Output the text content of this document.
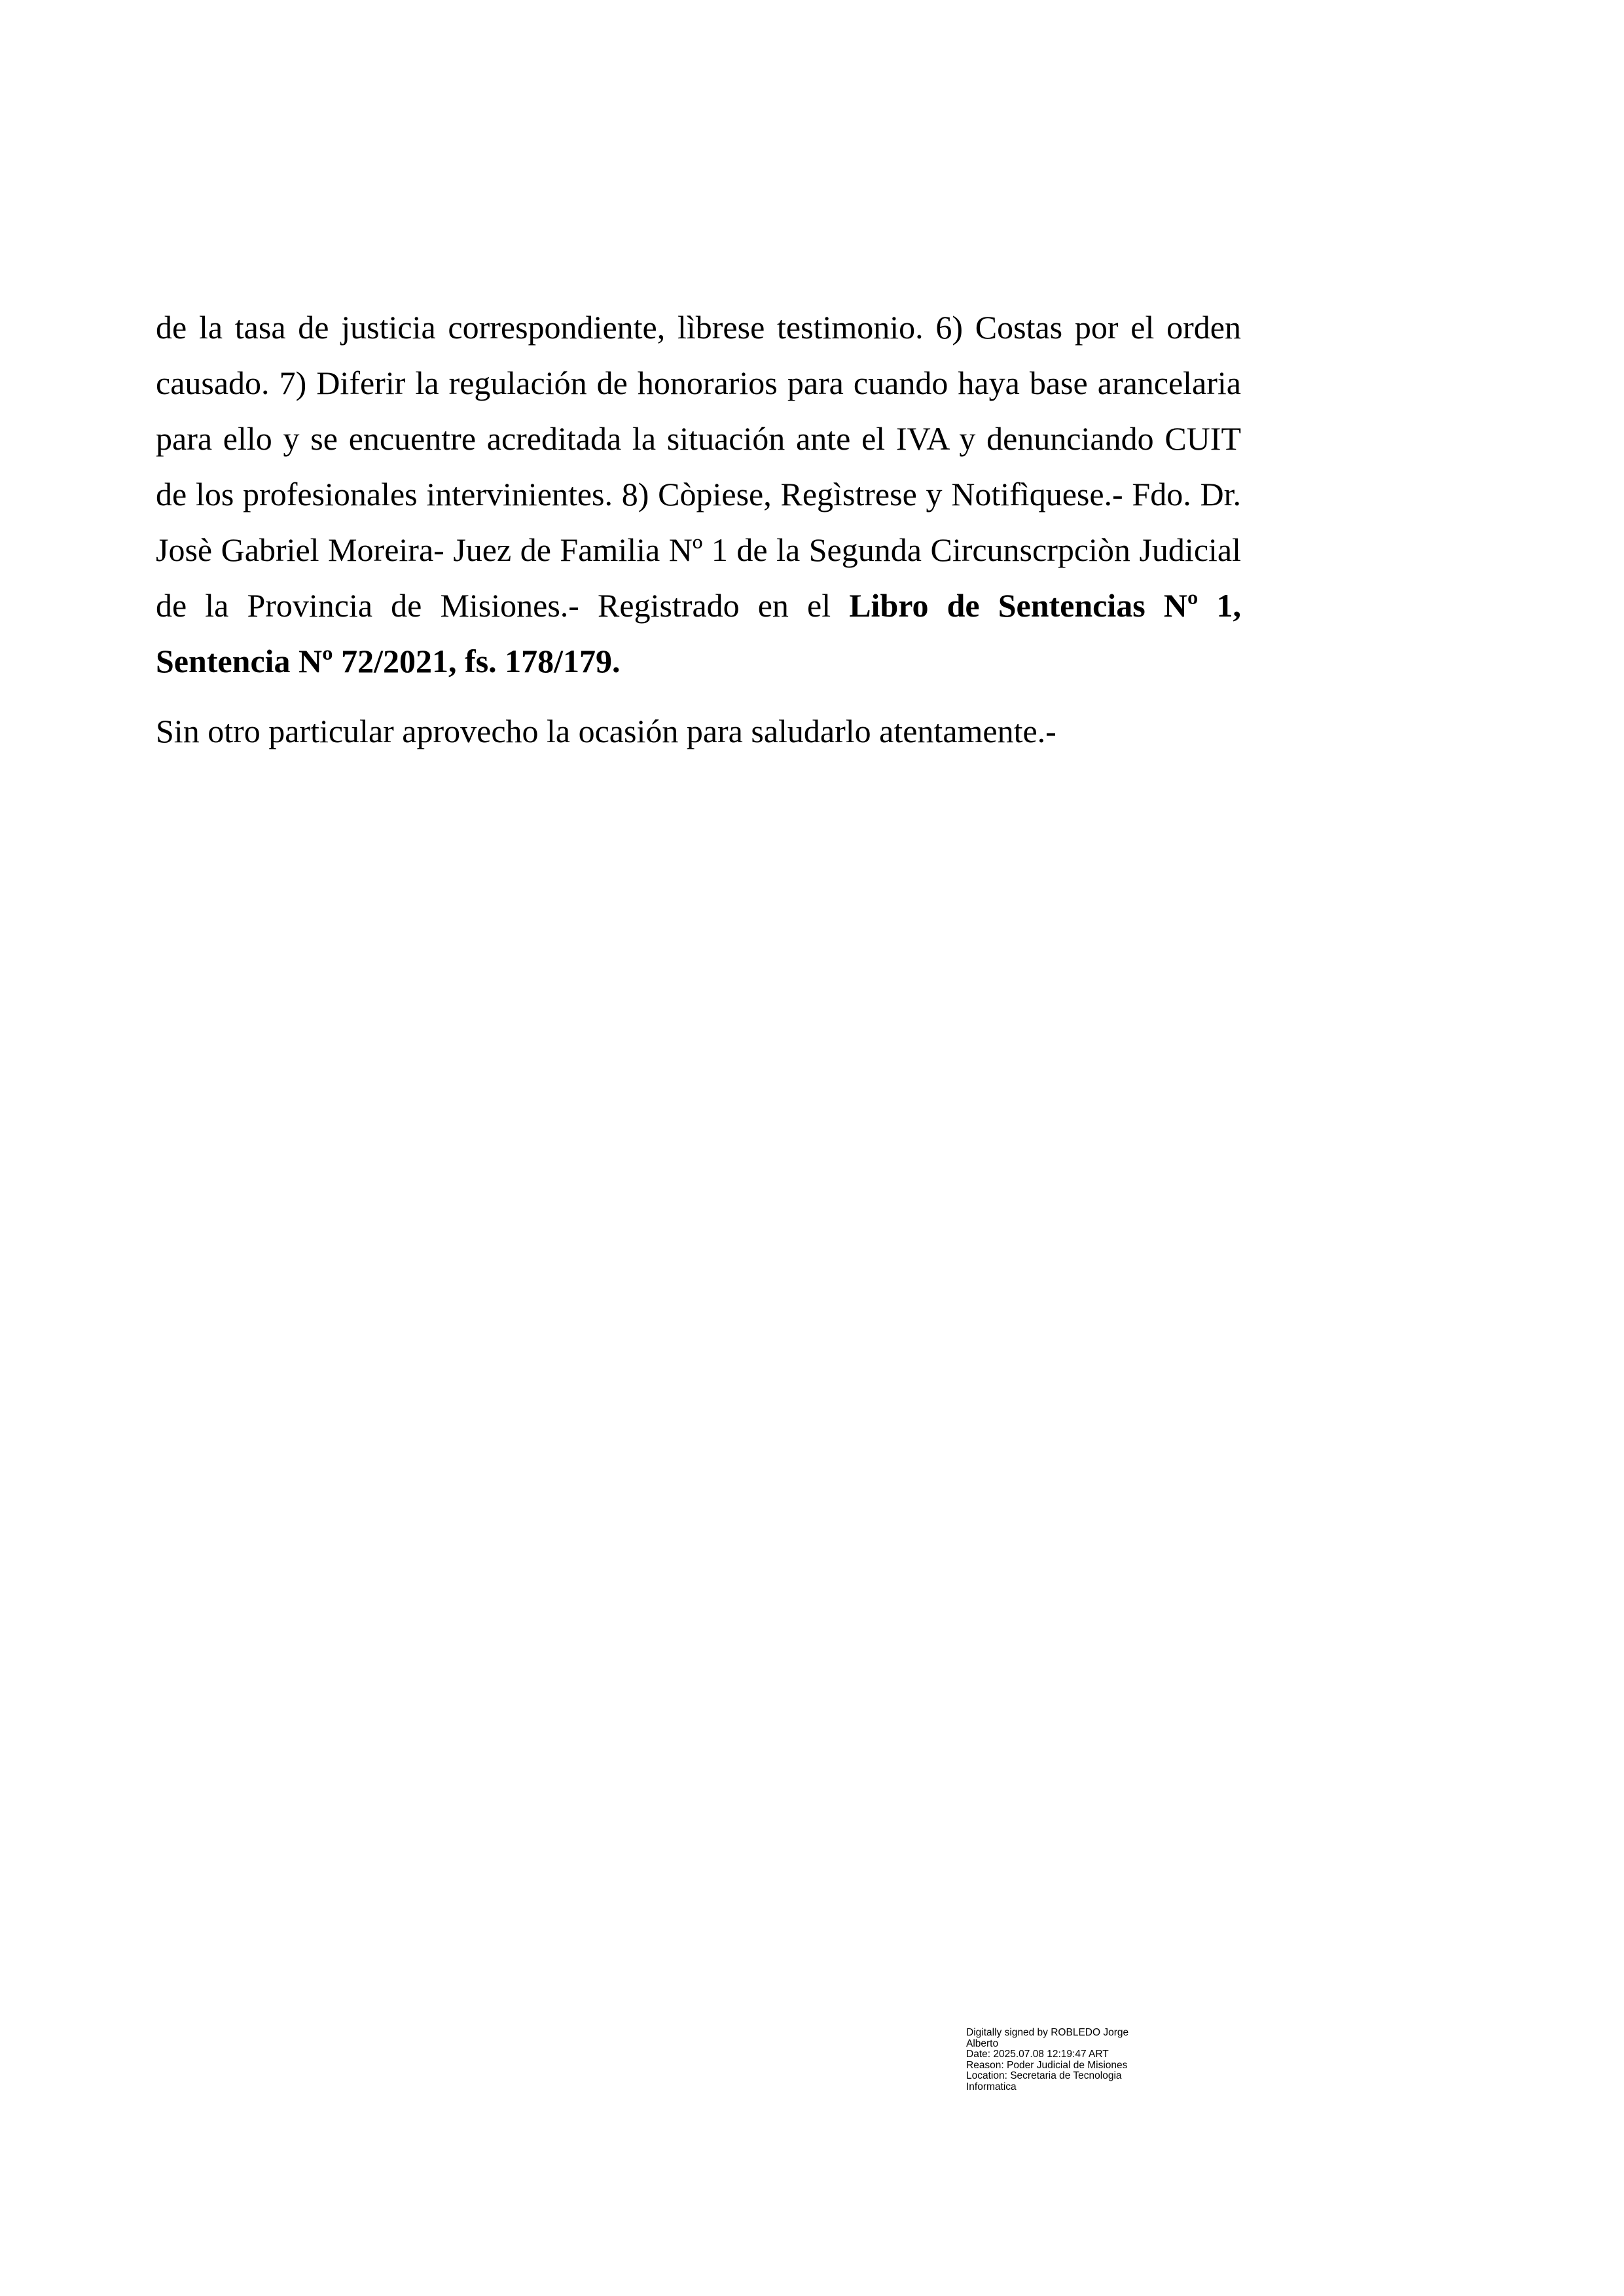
de la tasa de justicia correspondiente, lìbrese testimonio. 6) Costas por el orden causado. 7) Diferir la regulación de honorarios para cuando haya base arancelaria para ello y se encuentre acreditada la situación ante el IVA y denunciando CUIT de los profesionales intervinientes. 8) Còpiese, Regìstrese y Notifìquese.- Fdo. Dr. Josè Gabriel Moreira- Juez de Familia Nº 1 de la Segunda Circunscrpciòn Judicial de la Provincia de Misiones.- Registrado en el Libro de Sentencias Nº 1, Sentencia Nº 72/2021, fs. 178/179.

Sin otro particular aprovecho la ocasión para saludarlo atentamente.-

Digitally signed by ROBLEDO Jorge
Alberto
Date: 2025.07.08 12:19:47 ART
Reason: Poder Judicial de Misiones
Location: Secretaria de Tecnologia
Informatica
